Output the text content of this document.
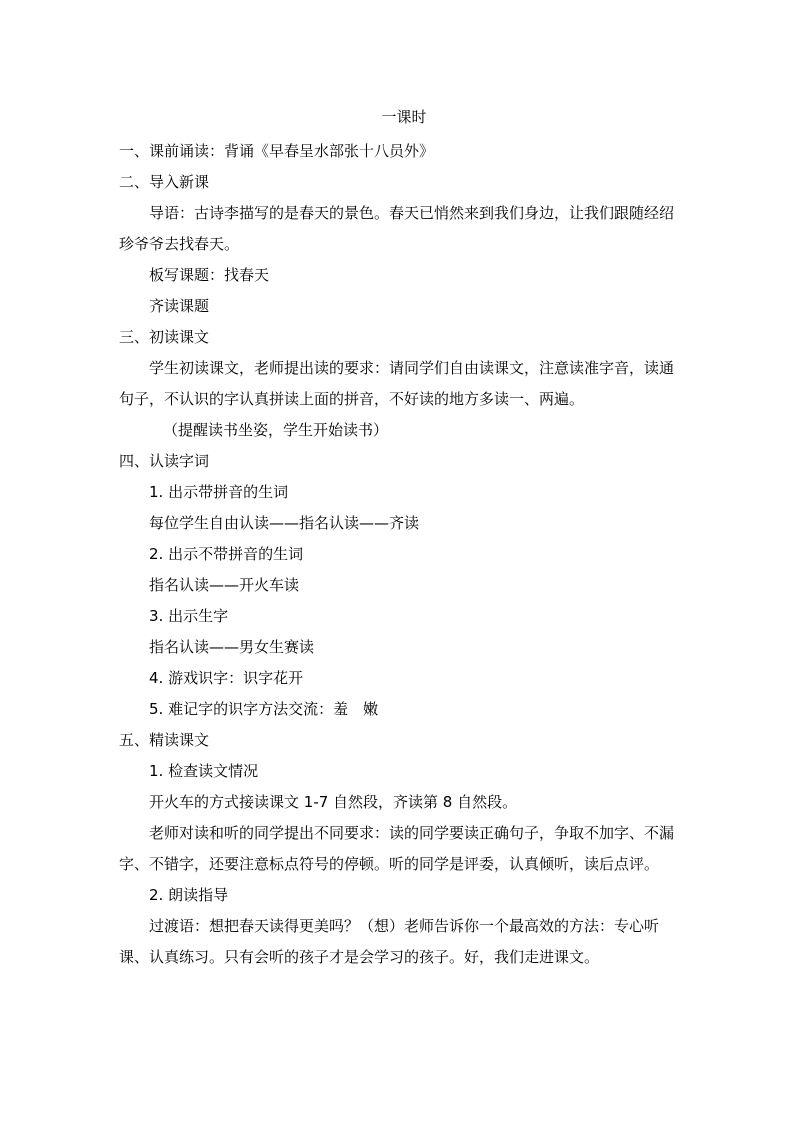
一课时

一、课前诵读：背诵《早春呈水部张十八员外》

二、导入新课

导语：古诗李描写的是春天的景色。春天已悄然来到我们身边，让我们跟随经绍珍爷爷去找春天。

板写课题：找春天

齐读课题

三、初读课文

学生初读课文，老师提出读的要求：请同学们自由读课文，注意读准字音，读通句子，不认识的字认真拼读上面的拼音，不好读的地方多读一、两遍。

（提醒读书坐姿，学生开始读书）

四、认读字词

1. 出示带拼音的生词

每位学生自由认读——指名认读——齐读

2. 出示不带拼音的生词

指名认读——开火车读

3. 出示生字

指名认读——男女生赛读

4. 游戏识字：识字花开

5. 难记字的识字方法交流：羞　嫩

五、精读课文

1. 检查读文情况

开火车的方式接读课文 1-7 自然段，齐读第 8 自然段。

老师对读和听的同学提出不同要求：读的同学要读正确句子，争取不加字、不漏字、不错字，还要注意标点符号的停顿。听的同学是评委，认真倾听，读后点评。

2. 朗读指导

过渡语：想把春天读得更美吗？（想）老师告诉你一个最高效的方法：专心听课、认真练习。只有会听的孩子才是会学习的孩子。好，我们走进课文。
